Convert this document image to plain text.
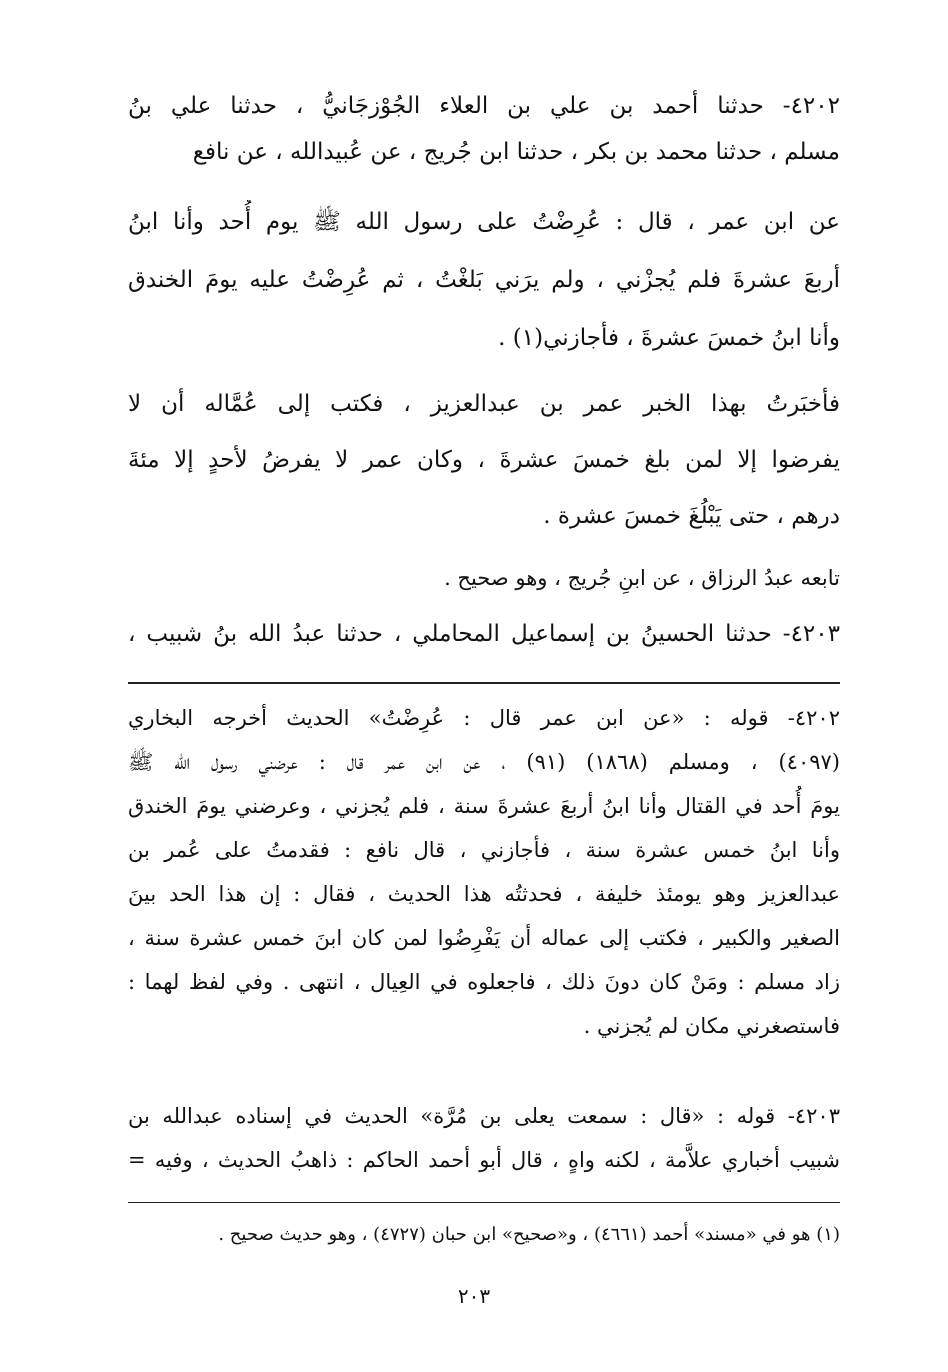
٤٢٠٢- حدثنا أحمد بن علي بن العلاء الجُوْزجَانيُّ ، حدثنا علي بنُ
مسلم ، حدثنا محمد بن بكر ، حدثنا ابن جُريج ، عن عُبيدالله ، عن نافع
عن ابن عمر ، قال : عُرِضْتُ على رسول الله ﷺ يوم أُحد وأنا ابنُ
أربعَ عشرةَ فلم يُجزْني ، ولم يرَني بَلغْتُ ، ثم عُرِضْتُ عليه يومَ الخندق
وأنا ابنُ خمسَ عشرةَ ، فأجازني(١) .
فأخبَرتُ بهذا الخبر عمر بن عبدالعزيز ، فكتب إلى عُمَّاله أن لا
يفرضوا إلا لمن بلغ خمسَ عشرةَ ، وكان عمر لا يفرضُ لأحدٍ إلا مئةَ
درهم ، حتى يَبْلُغَ خمسَ عشرة .
تابعه عبدُ الرزاق ، عن ابنِ جُريج ، وهو صحيح .
٤٢٠٣- حدثنا الحسينُ بن إسماعيل المحاملي ، حدثنا عبدُ الله بنُ شبيب ،
٤٢٠٢- قوله : «عن ابن عمر قال : عُرِضْتُ» الحديث أخرجه البخاري
(٤٠٩٧) ، ومسلم (١٨٦٨) (٩١) ، عن ابن عمر قال : عرضني رسول الله ﷺ
يومَ أُحد في القتال وأنا ابنُ أربعَ عشرةَ سنة ، فلم يُجزني ، وعرضني يومَ الخندق
وأنا ابنُ خمس عشرة سنة ، فأجازني ، قال نافع : فقدمتُ على عُمر بن
عبدالعزيز وهو يومئذ خليفة ، فحدثتُه هذا الحديث ، فقال : إن هذا الحد بينَ
الصغير والكبير ، فكتب إلى عماله أن يَفْرِضُوا لمن كان ابنَ خمس عشرة سنة ،
زاد مسلم : ومَنْ كان دونَ ذلك ، فاجعلوه في العِيال ، انتهى . وفي لفظ لهما :
فاستصغرني مكان لم يُجزني .
٤٢٠٣- قوله : «قال : سمعت يعلى بن مُرَّة» الحديث في إسناده عبدالله بن
شبيب أخباري علاَّمة ، لكنه واهٍ ، قال أبو أحمد الحاكم : ذاهبُ الحديث ، وفيه =
(١) هو في «مسند» أحمد (٤٦٦١) ، و«صحيح» ابن حبان (٤٧٢٧) ، وهو حديث صحيح .
٢٠٣
